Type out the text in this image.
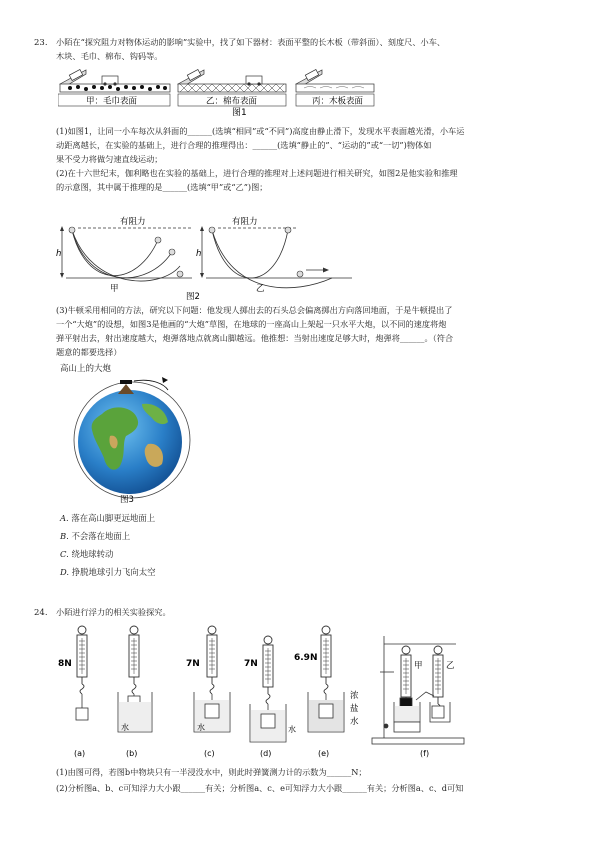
23. 小陌在“探究阻力对物体运动的影响”实验中，找了如下器材：表面平整的长木板（带斜面）、刻度尺、小车、
木块、毛巾、棉布、钩码等。
甲：毛巾表面	乙：棉布表面	丙：木板表面
图1
(1)如图1，让同一小车每次从斜面的______(选填“相同”或“不同”)高度由静止滑下，发现水平表面越光滑，小车运
动距离越长，在实验的基础上，进行合理的推理得出：______(选填“静止的”、“运动的”或“一切”)物体如
果不受力将做匀速直线运动；
(2)在十六世纪末，伽利略也在实验的基础上，进行合理的推理对上述问题进行相关研究，如图2是他实验和推理
的示意图，其中属于推理的是______(选填“甲”或“乙”)图；
h	h
有阻力	有阻力
甲	乙
图2
(3)牛顿采用相同的方法，研究以下问题：他发现人掷出去的石头总会偏离掷出方向落回地面，于是牛顿提出了
一个“大炮”的设想，如图3是他画的“大炮”草图，在地球的一座高山上架起一只水平大炮，以不同的速度将炮
弹平射出去，射出速度越大，炮弹落地点就离山脚越远。他推想：当射出速度足够大时，炮弹将______。（符合
题意的都要选择）
高山上的大炮
图3
A. 落在高山脚更远地面上
B. 不会落在地面上
C. 绕地球转动
D. 挣脱地球引力飞向太空
24. 小陌进行浮力的相关实验探究。
8N	7N	7N
6.9N
水	水	水
浓
盐
水
甲	乙
(a)	(b)	(c)	(d)	(e)	(f)
(1)由图可得，若图b中物块只有一半浸没水中，则此时弹簧测力计的示数为______N；
(2)分析图a、b、c可知浮力大小跟______有关；分析图a、c、e可知浮力大小跟______有关；分析图a、c、d可知
